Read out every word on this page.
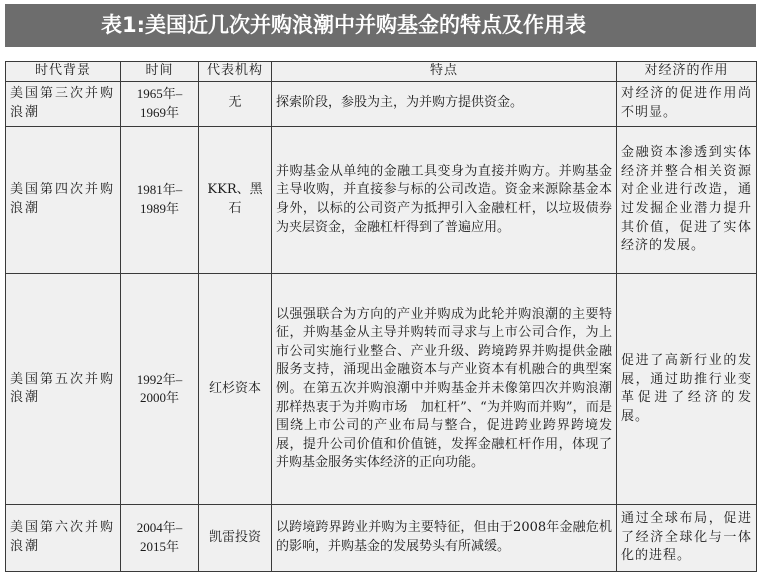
表1:美国近几次并购浪潮中并购基金的特点及作用表
时代背景	时间	代表机构	特点	对经济的作用
美国第三次并购浪潮	1965年–1969年	无	探索阶段，参股为主，为并购方提供资金。	对经济的促进作用尚不明显。
美国第四次并购浪潮	1981年–1989年	KKR、黑石	并购基金从单纯的金融工具变身为直接并购方。并购基金主导收购，并直接参与标的公司改造。资金来源除基金本身外，以标的公司资产为抵押引入金融杠杆，以垃圾债券为夹层资金，金融杠杆得到了普遍应用。	金融资本渗透到实体经济并整合相关资源对企业进行改造，通过发掘企业潜力提升其价值，促进了实体经济的发展。
美国第五次并购浪潮	1992年–2000年	红杉资本	以强强联合为方向的产业并购成为此轮并购浪潮的主要特征，并购基金从主导并购转而寻求与上市公司合作，为上市公司实施行业整合、产业升级、跨境跨界并购提供金融服务支持，涌现出金融资本与产业资本有机融合的典型案例。在第五次并购浪潮中并购基金并未像第四次并购浪潮那样热衷于为并购市场　加杠杆”、“为并购而并购”，而是围绕上市公司的产业布局与整合，促进跨业跨界跨境发展，提升公司价值和价值链，发挥金融杠杆作用，体现了并购基金服务实体经济的正向功能。	促进了高新行业的发展，通过助推行业变革促进了经济的发展。
美国第六次并购浪潮	2004年–2015年	凯雷投资	以跨境跨界跨业并购为主要特征，但由于2008年金融危机的影响，并购基金的发展势头有所减缓。	通过全球布局，促进了经济全球化与一体化的进程。
